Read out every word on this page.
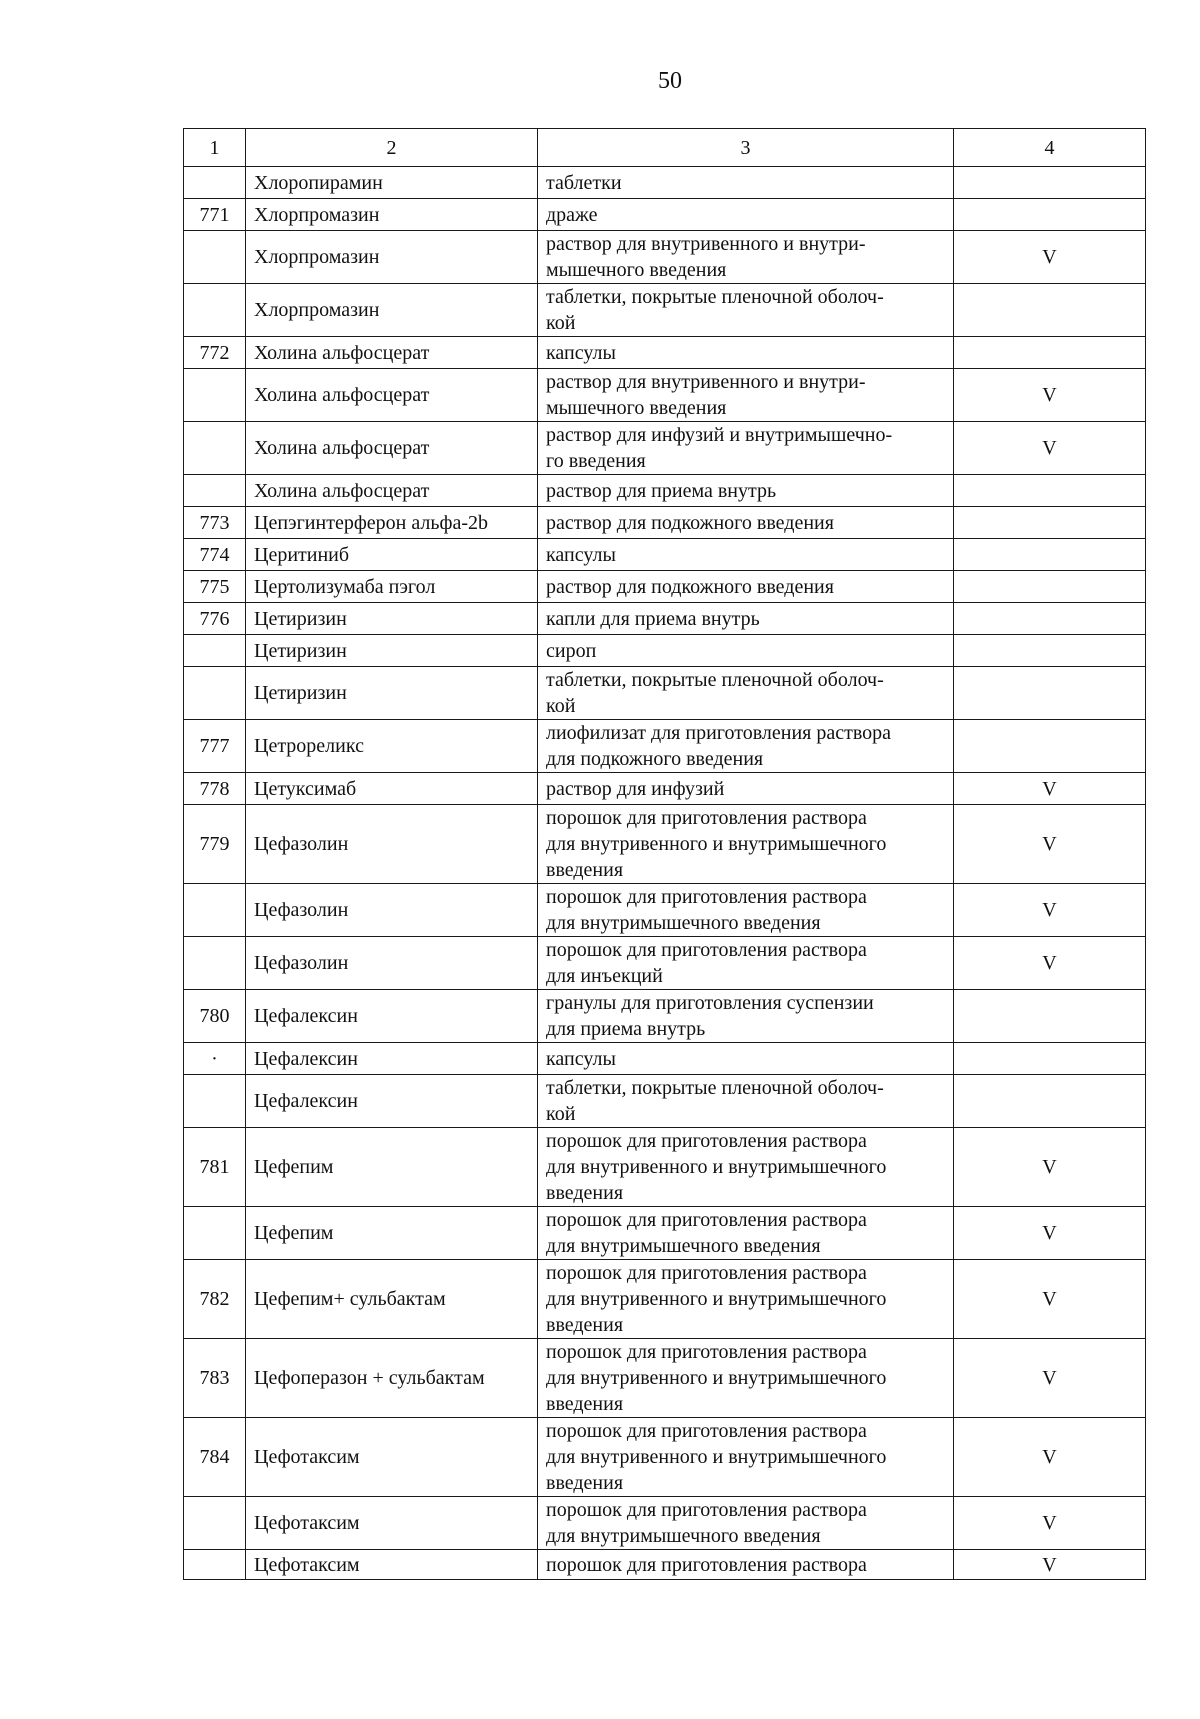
50
1	2	3	4
	Хлоропирамин	таблетки	
771	Хлорпромазин	драже	
	Хлорпромазин	раствор для внутривенного и внутри-
мышечного введения	V
	Хлорпромазин	таблетки, покрытые пленочной оболоч-
кой	
772	Холина альфосцерат	капсулы	
	Холина альфосцерат	раствор для внутривенного и внутри-
мышечного введения	V
	Холина альфосцерат	раствор для инфузий и внутримышечно-
го введения	V
	Холина альфосцерат	раствор для приема внутрь	
773	Цепэгинтерферон альфа-2b	раствор для подкожного введения	
774	Церитиниб	капсулы	
775	Цертолизумаба пэгол	раствор для подкожного введения	
776	Цетиризин	капли для приема внутрь	
	Цетиризин	сироп	
	Цетиризин	таблетки, покрытые пленочной оболоч-
кой	
777	Цетрореликс	лиофилизат для приготовления раствора
для подкожного введения	
778	Цетуксимаб	раствор для инфузий	V
779	Цефазолин	порошок для приготовления раствора
для внутривенного и внутримышечного
введения	V
	Цефазолин	порошок для приготовления раствора
для внутримышечного введения	V
	Цефазолин	порошок для приготовления раствора
для инъекций	V
780	Цефалексин	гранулы для приготовления суспензии
для приема внутрь	
·	Цефалексин	капсулы	
	Цефалексин	таблетки, покрытые пленочной оболоч-
кой	
781	Цефепим	порошок для приготовления раствора
для внутривенного и внутримышечного
введения	V
	Цефепим	порошок для приготовления раствора
для внутримышечного введения	V
782	Цефепим+ сульбактам	порошок для приготовления раствора
для внутривенного и внутримышечного
введения	V
783	Цефоперазон + сульбактам	порошок для приготовления раствора
для внутривенного и внутримышечного
введения	V
784	Цефотаксим	порошок для приготовления раствора
для внутривенного и внутримышечного
введения	V
	Цефотаксим	порошок для приготовления раствора
для внутримышечного введения	V
	Цефотаксим	порошок для приготовления раствора	V
